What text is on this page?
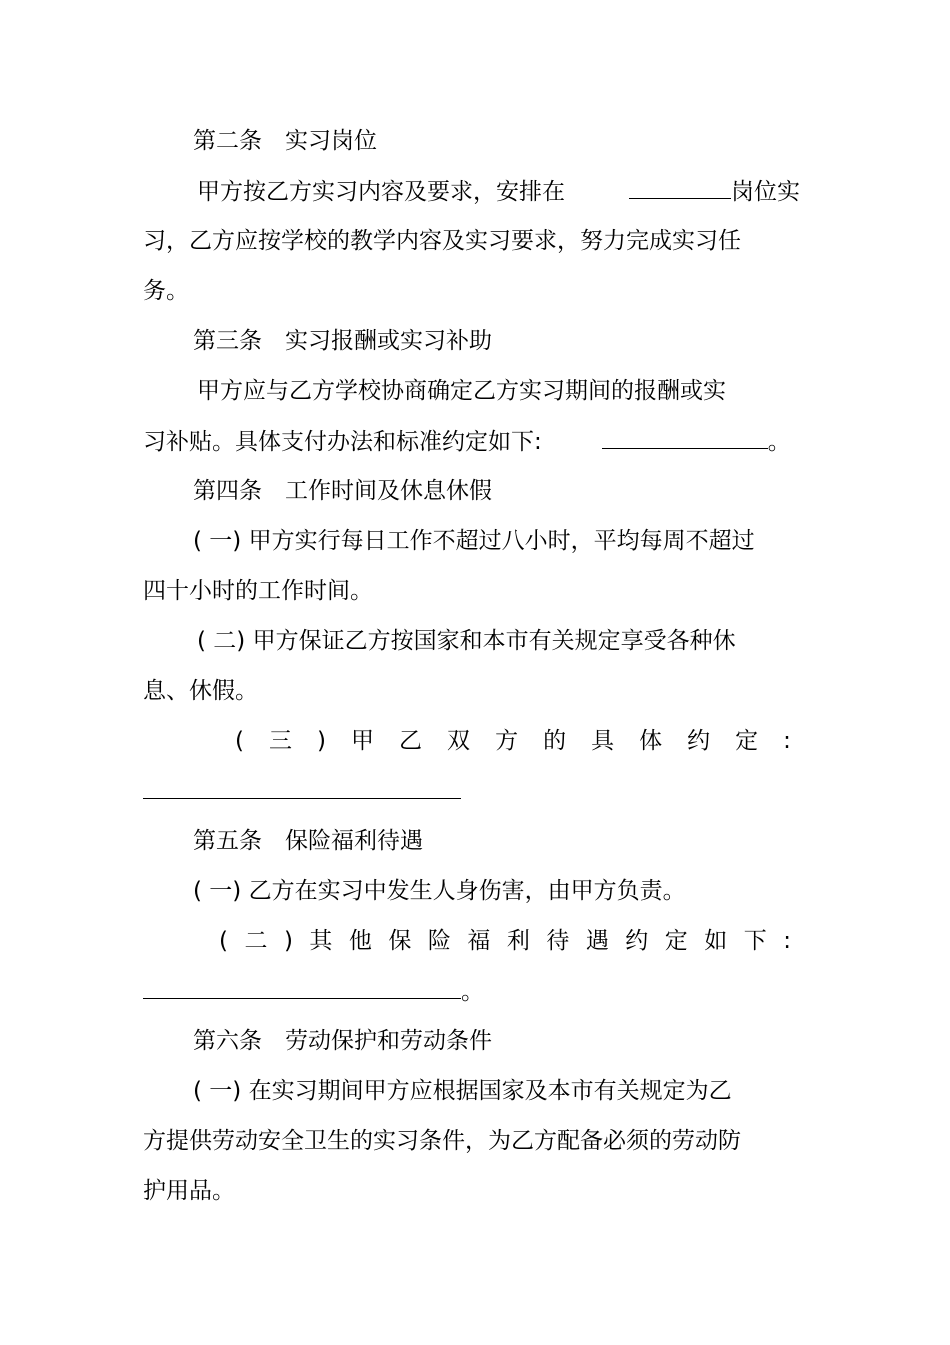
第二条　实习岗位
甲方按乙方实习内容及要求，安排在	岗位实
习，乙方应按学校的教学内容及实习要求，努力完成实习任
务。
第三条　实习报酬或实习补助
甲方应与乙方学校协商确定乙方实习期间的报酬或实
习补贴。具体支付办法和标准约定如下:	。
第四条　工作时间及休息休假
( 一) 甲方实行每日工作不超过八小时，平均每周不超过
四十小时的工作时间。
( 二) 甲方保证乙方按国家和本市有关规定享受各种休
息、休假。
( 三 ) 甲 乙 双 方 的 具 体 约 定 :
第五条　保险福利待遇
( 一) 乙方在实习中发生人身伤害，由甲方负责。
( 二 ) 其 他 保 险 福 利 待 遇 约 定 如 下 :
。
第六条　劳动保护和劳动条件
( 一) 在实习期间甲方应根据国家及本市有关规定为乙
方提供劳动安全卫生的实习条件，为乙方配备必须的劳动防
护用品。
